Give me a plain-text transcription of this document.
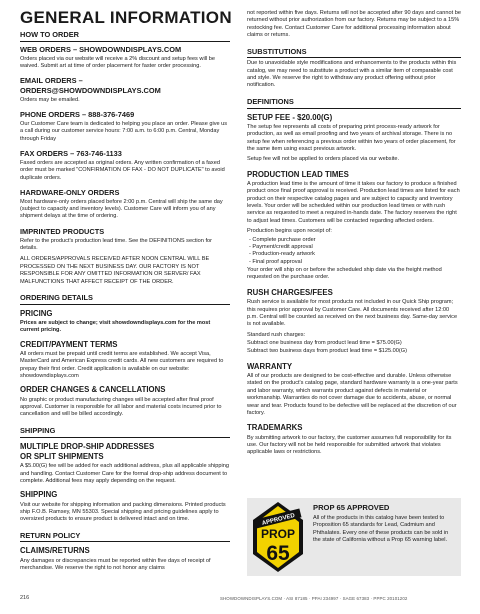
GENERAL INFORMATION
HOW TO ORDER
WEB ORDERS – SHOWDOWNDISPLAYS.COM

Orders placed via our website will receive a 2% discount and setup fees will be waived. Submit art at time of order placement for faster order processing.

EMAIL ORDERS –
ORDERS@SHOWDOWNDISPLAYS.COM

Orders may be emailed.

PHONE ORDERS – 888-376-7469

Our Customer Care team is dedicated to helping you place an order. Please give us a call during our customer service hours: 7:00 a.m. to 6:00 p.m. Central, Monday through Friday

FAX ORDERS – 763-746-1133

Faxed orders are accepted as original orders. Any written confirmation of a faxed order must be marked "CONFIRMATION OF FAX - DO NOT DUPLICATE" to avoid duplicate orders.

HARDWARE-ONLY ORDERS

Most hardware-only orders placed before 2:00 p.m. Central will ship the same day (subject to capacity and inventory levels). Customer Care will inform you of any shipment delays at the time of ordering.

IMPRINTED PRODUCTS

Refer to the product's production lead time. See the DEFINITIONS section for details.

ALL ORDERS/APPROVALS RECEIVED AFTER NOON CENTRAL WILL BE PROCESSED ON THE NEXT BUSINESS DAY. OUR FACTORY IS NOT RESPONSIBLE FOR ANY OMITTED INFORMATION OR SERVER/ FAX MALFUNCTIONS THAT AFFECT RECEIPT OF THE ORDER.

ORDERING DETAILS
PRICING

Prices are subject to change; visit showdowndisplays.com for the most current pricing.

CREDIT/PAYMENT TERMS

All orders must be prepaid until credit terms are established. We accept Visa, MasterCard and American Express credit cards. All new customers are required to prepay their first order. Credit application is available on our website: showdowndisplays.com

ORDER CHANGES & CANCELLATIONS

No graphic or product manufacturing changes will be accepted after final proof approval. Customer is responsible for all labor and material costs incurred prior to cancellation and will be billed accordingly.

SHIPPING
MULTIPLE DROP-SHIP ADDRESSES
OR SPLIT SHIPMENTS

A $5.00(G) fee will be added for each additional address, plus all applicable shipping and handling. Contact Customer Care for the formal drop-ship address document to complete. Additional fees may apply depending on the request.

SHIPPING

Visit our website for shipping information and packing dimensions. Printed products ship F.O.B. Ramsey, MN 55303. Special shipping and pricing guidelines apply to oversized products to ensure product is delivered intact and on time.

RETURN POLICY
CLAIMS/RETURNS

Any damages or discrepancies must be reported within five days of receipt of merchandise. We reserve the right to not honor any claims

not reported within five days. Returns will not be accepted after 90 days and cannot be returned without prior authorization from our factory. Returns may be subject to a 15% restocking fee. Contact Customer Care for additional processing information about claims or returns.

SUBSTITUTIONS

Due to unavoidable style modifications and enhancements to the products within this catalog, we may need to substitute a product with a similar item of comparable cost and style. We reserve the right to withdraw any product offering without prior notification.

DEFINITIONS
SETUP FEE - $20.00(G)

The setup fee represents all costs of preparing print process-ready artwork for production, as well as email proofing and two years of archival storage. There is no setup fee when referencing a previous order within two years of order placement, for the same item using exact previous artwork.

Setup fee will not be applied to orders placed via our website.

PRODUCTION LEAD TIMES

A production lead time is the amount of time it takes our factory to produce a finished product once final proof approval is received. Production lead times are listed for each product on their respective catalog pages and are subject to capacity and inventory levels. Your order will be scheduled within our production lead times or with rush service as requested to meet a required in-hands date. The factory reserves the right to adjust lead times. Customers will be contacted regarding affected orders.

Production begins upon receipt of:

- Complete purchase order
- Payment/credit approval
- Production-ready artwork
- Final proof approval

Your order will ship on or before the scheduled ship date via the freight method requested on the purchase order.

RUSH CHARGES/FEES

Rush service is available for most products not included in our Quick Ship program; this requires prior approval by Customer Care. All documents received after 12:00 p.m. Central will be counted as received on the next business day. Same-day service is not available.

Standard rush charges:

Subtract one business day from product lead time = $75.00(G)

Subtract two business days from product lead time = $125.00(G)

WARRANTY

All of our products are designed to be cost-effective and durable. Unless otherwise stated on the product's catalog page, standard hardware warranty is a one-year parts and labor warranty, which warrants product against defects in material or workmanship. Warranties do not cover damage due to accidents, abuse, or normal wear and tear. Products found to be defective will be replaced at the discretion of our factory.

TRADEMARKS

By submitting artwork to our factory, the customer assumes full responsibility for its use. Our factory will not be held responsible for submitted artwork that violates applicable laws or restrictions.

APPROVED
PROP
65
PROP 65 APPROVED

All of the products in this catalog have been tested to Proposition 65 standards for Lead, Cadmium and Phthalates. Every one of these products can be sold in the state of California without a Prop 65 warning label.

216	SHOWDOWNDISPLAYS.COM · ASI 87185 · PPAI 234997 · SAGE 67383 · PPPC 20101202
